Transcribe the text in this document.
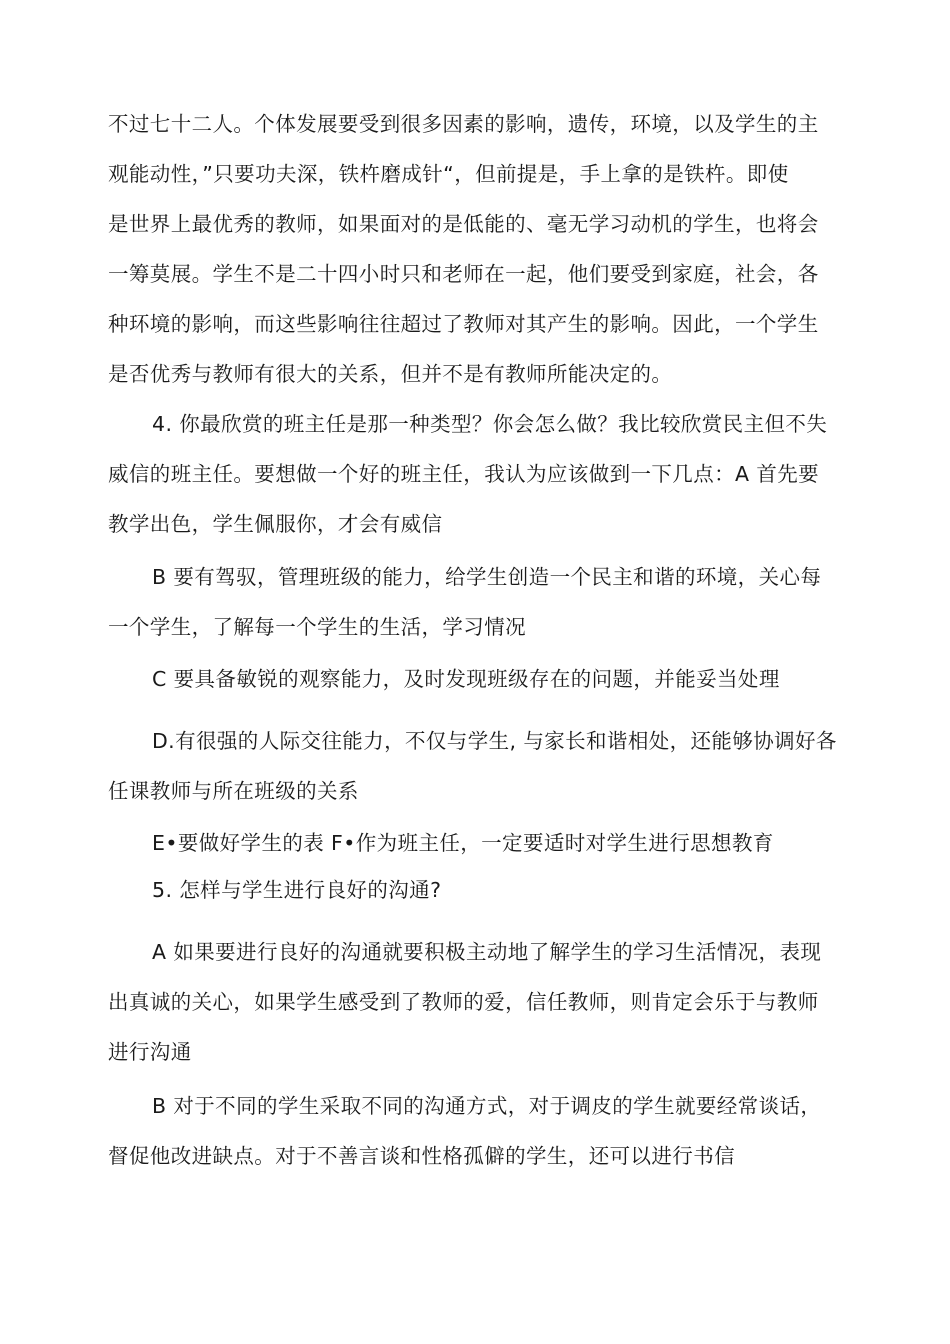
不过七十二人。个体发展要受到很多因素的影响，遗传，环境，以及学生的主
观能动性，”只要功夫深，铁杵磨成针“，但前提是，手上拿的是铁杵。即使
是世界上最优秀的教师，如果面对的是低能的、毫无学习动机的学生，也将会
一筹莫展。学生不是二十四小时只和老师在一起，他们要受到家庭，社会，各
种环境的影响，而这些影响往往超过了教师对其产生的影响。因此，一个学生
是否优秀与教师有很大的关系，但并不是有教师所能决定的。
4. 你最欣赏的班主任是那一种类型？你会怎么做？我比较欣赏民主但不失
威信的班主任。要想做一个好的班主任，我认为应该做到一下几点：A 首先要
教学出色，学生佩服你，才会有威信
B 要有驾驭，管理班级的能力，给学生创造一个民主和谐的环境，关心每
一个学生，了解每一个学生的生活，学习情况
C 要具备敏锐的观察能力，及时发现班级存在的问题，并能妥当处理
D.有很强的人际交往能力，不仅与学生, 与家长和谐相处，还能够协调好各
任课教师与所在班级的关系
E•要做好学生的表 F•作为班主任，一定要适时对学生进行思想教育
5. 怎样与学生进行良好的沟通?
A 如果要进行良好的沟通就要积极主动地了解学生的学习生活情况，表现
出真诚的关心，如果学生感受到了教师的爱，信任教师，则肯定会乐于与教师
进行沟通
B 对于不同的学生采取不同的沟通方式，对于调皮的学生就要经常谈话，
督促他改进缺点。对于不善言谈和性格孤僻的学生，还可以进行书信
